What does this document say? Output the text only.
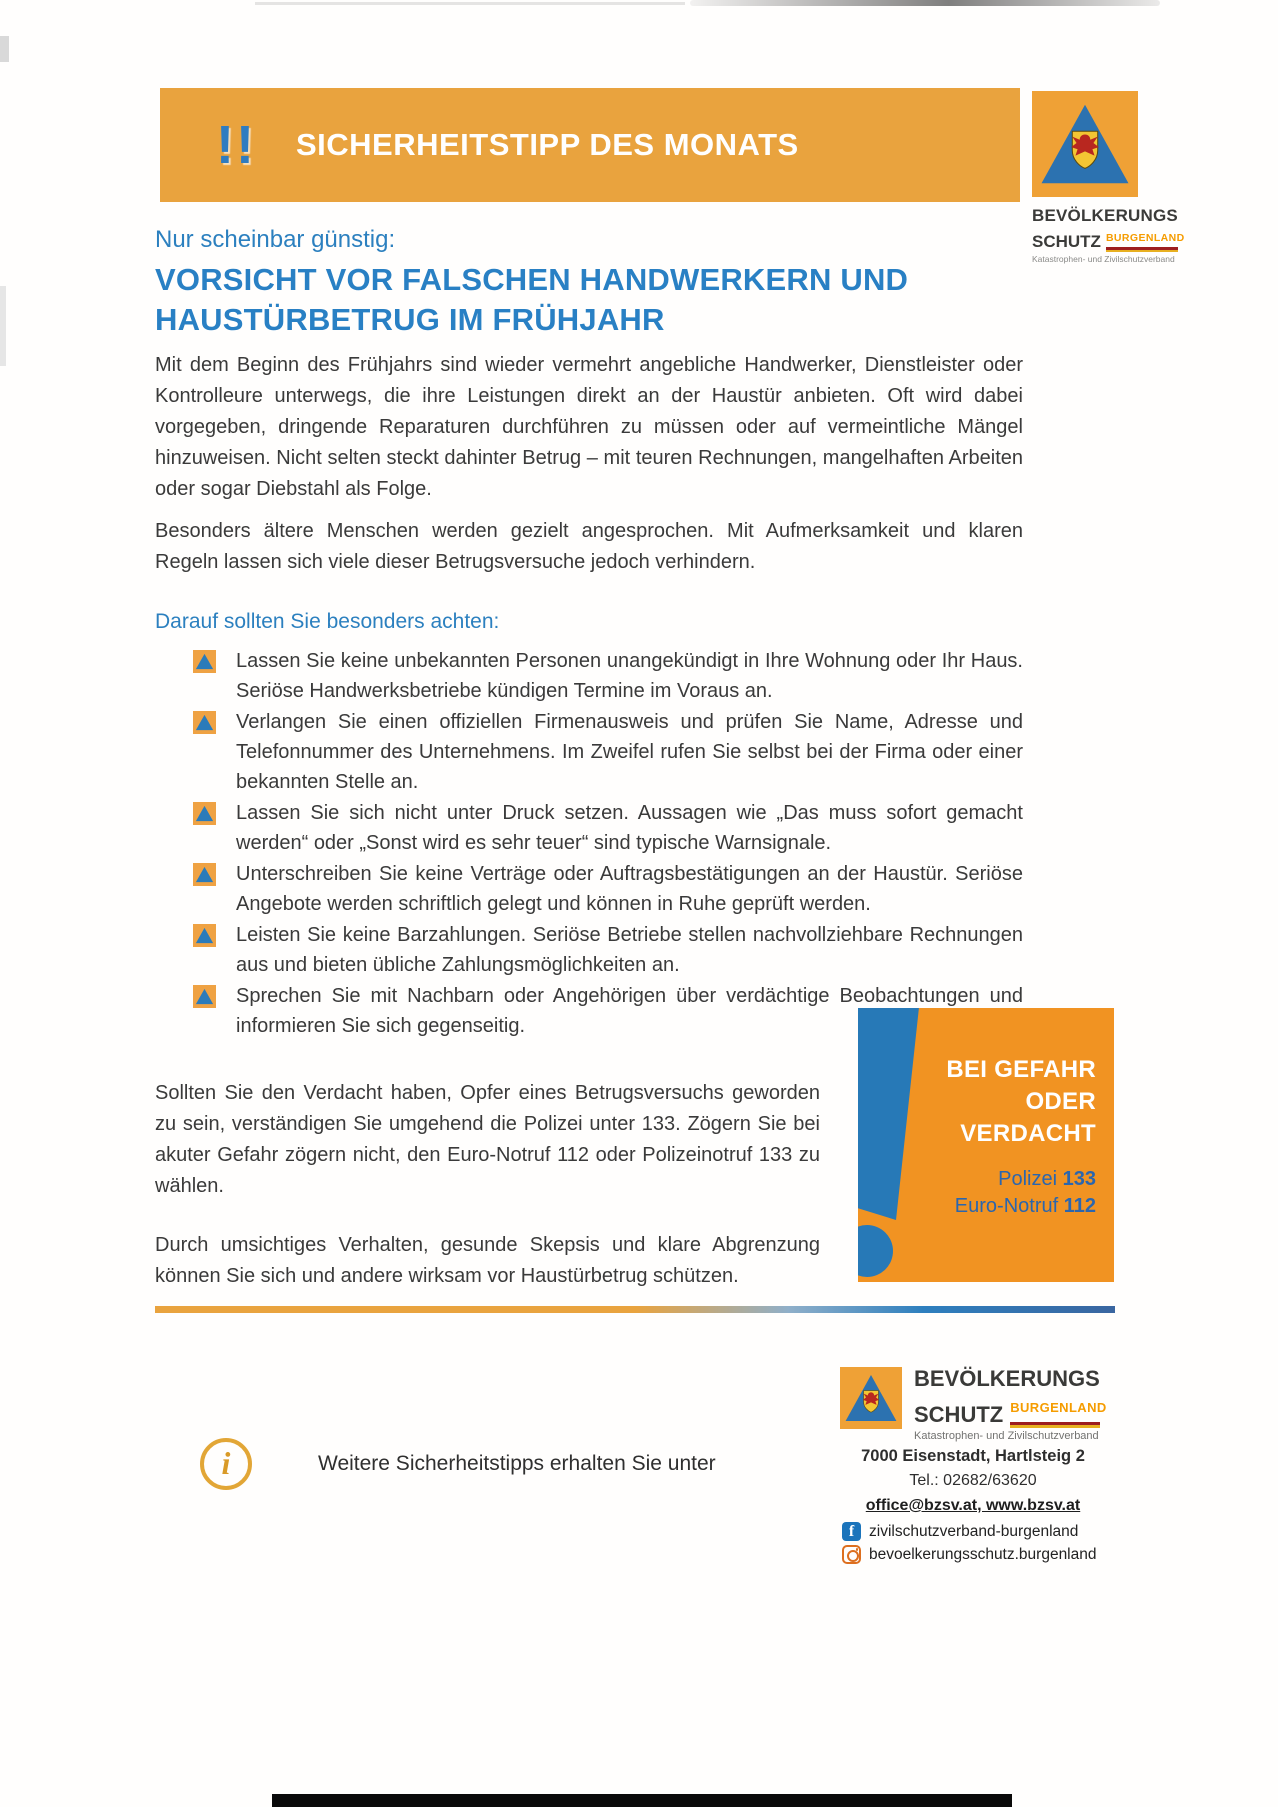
!! SICHERHEITSTIPP DES MONATS
BEVÖLKERUNGS
SCHUTZ BURGENLAND
Katastrophen- und Zivilschutzverband
Nur scheinbar günstig:
VORSICHT VOR FALSCHEN HANDWERKERN UND
HAUSTÜRBETRUG IM FRÜHJAHR

Mit dem Beginn des Frühjahrs sind wieder vermehrt angebliche Handwerker, Dienstleister oder Kontrolleure unterwegs, die ihre Leistungen direkt an der Haustür anbieten. Oft wird dabei vorgegeben, dringende Reparaturen durchführen zu müssen oder auf vermeintliche Mängel hinzuweisen. Nicht selten steckt dahinter Betrug – mit teuren Rechnungen, mangelhaften Arbeiten oder sogar Diebstahl als Folge.

Besonders ältere Menschen werden gezielt angesprochen. Mit Aufmerksamkeit und klaren Regeln lassen sich viele dieser Betrugsversuche jedoch verhindern.

Darauf sollten Sie besonders achten:
Lassen Sie keine unbekannten Personen unangekündigt in Ihre Wohnung oder Ihr Haus. Seriöse Handwerksbetriebe kündigen Termine im Voraus an.
Verlangen Sie einen offiziellen Firmenausweis und prüfen Sie Name, Adresse und Telefonnummer des Unternehmens. Im Zweifel rufen Sie selbst bei der Firma oder einer bekannten Stelle an.
Lassen Sie sich nicht unter Druck setzen. Aussagen wie „Das muss sofort gemacht werden“ oder „Sonst wird es sehr teuer“ sind typische Warnsignale.
Unterschreiben Sie keine Verträge oder Auftragsbestätigungen an der Haustür. Seriöse Angebote werden schriftlich gelegt und können in Ruhe geprüft werden.
Leisten Sie keine Barzahlungen. Seriöse Betriebe stellen nachvollziehbare Rechnungen aus und bieten übliche Zahlungsmöglichkeiten an.
Sprechen Sie mit Nachbarn oder Angehörigen über verdächtige Beobachtungen und informieren Sie sich gegenseitig.
BEI GEFAHR
ODER
VERDACHT
Polizei 133
Euro-Notruf 112

Sollten Sie den Verdacht haben, Opfer eines Betrugsversuchs geworden zu sein, verständigen Sie umgehend die Polizei unter 133. Zögern Sie bei akuter Gefahr zögern nicht, den Euro-Notruf 112 oder Polizeinotruf 133 zu wählen.

Durch umsichtiges Verhalten, gesunde Skepsis und klare Abgrenzung können Sie sich und andere wirksam vor Haustürbetrug schützen.

BEVÖLKERUNGS
SCHUTZ BURGENLAND
Katastrophen- und Zivilschutzverband
7000 Eisenstadt, Hartlsteig 2
Tel.: 02682/63620
office@bzsv.at, www.bzsv.at
f zivilschutzverband-burgenland
bevoelkerungsschutz.burgenland
i	Weitere Sicherheitstipps erhalten Sie unter
